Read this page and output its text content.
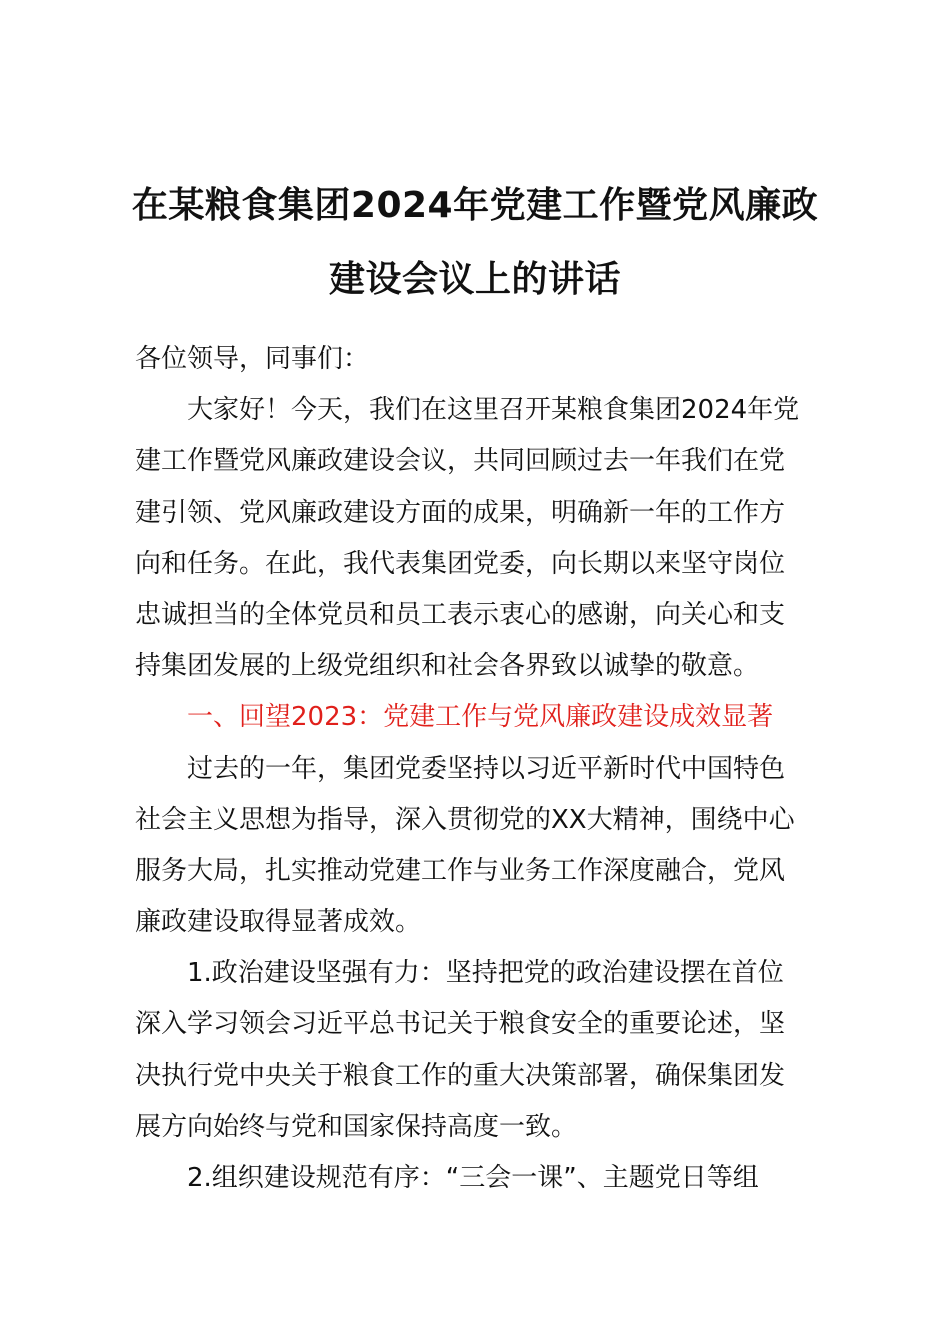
在某粮食集团2024年党建工作暨党风廉政
建设会议上的讲话
各位领导，同事们：
大家好！今天，我们在这里召开某粮食集团2024年党
建工作暨党风廉政建设会议，共同回顾过去一年我们在党
建引领、党风廉政建设方面的成果，明确新一年的工作方
向和任务。在此，我代表集团党委，向长期以来坚守岗位
忠诚担当的全体党员和员工表示衷心的感谢，向关心和支
持集团发展的上级党组织和社会各界致以诚挚的敬意。
一、回望2023：党建工作与党风廉政建设成效显著
过去的一年，集团党委坚持以习近平新时代中国特色
社会主义思想为指导，深入贯彻党的XX大精神，围绕中心
服务大局，扎实推动党建工作与业务工作深度融合，党风
廉政建设取得显著成效。
1.政治建设坚强有力：坚持把党的政治建设摆在首位
深入学习领会习近平总书记关于粮食安全的重要论述，坚
决执行党中央关于粮食工作的重大决策部署，确保集团发
展方向始终与党和国家保持高度一致。
2.组织建设规范有序：“三会一课”、主题党日等组
